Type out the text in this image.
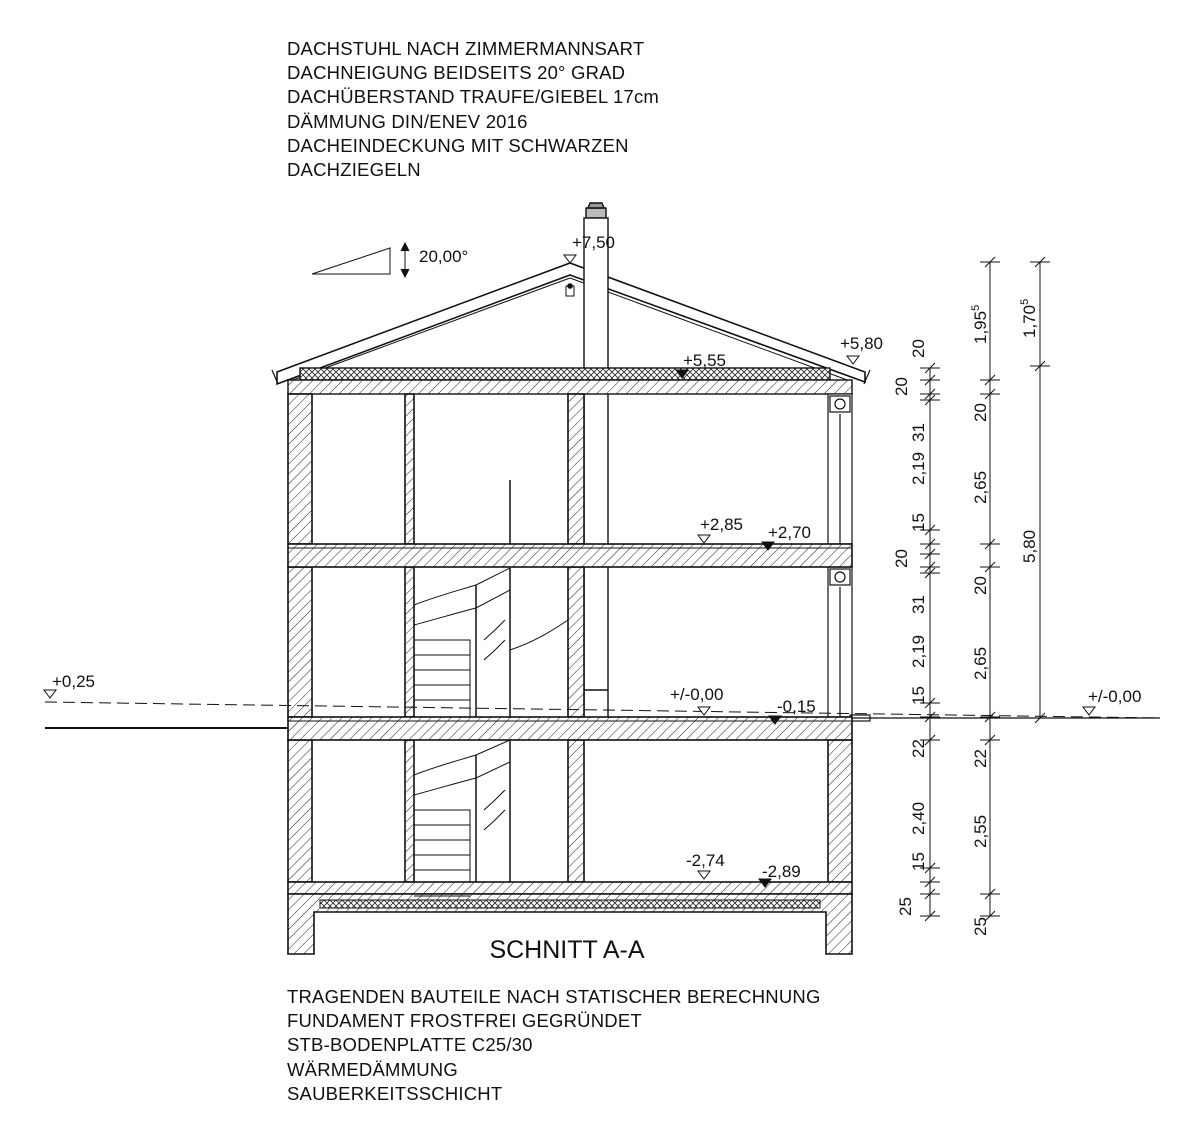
DACHSTUHL NACH ZIMMERMANNSART
DACHNEIGUNG BEIDSEITS 20° GRAD
DACHÜBERSTAND TRAUFE/GIEBEL 17cm
DÄMMUNG DIN/ENEV 2016
DACHEINDECKUNG MIT SCHWARZEN
DACHZIEGELN
+7,50
+5,80
+5,55
+2,85 +2,70
+/-0,00
-0,15
+0,25
+/-0,00
-2,74
-2,89
20,00°
20
20
31
2,19
15
20
31
2,19
15
22
2,40
15
25
1,95$^5$
20
2,65
20
2,65
22
2,55
25
1,70$^5$
5,80
SCHNITT A-A
TRAGENDEN BAUTEILE NACH STATISCHER BERECHNUNG
FUNDAMENT FROSTFREI GEGRÜNDET
STB-BODENPLATTE C25/30
WÄRMEDÄMMUNG
SAUBERKEITSSCHICHT
